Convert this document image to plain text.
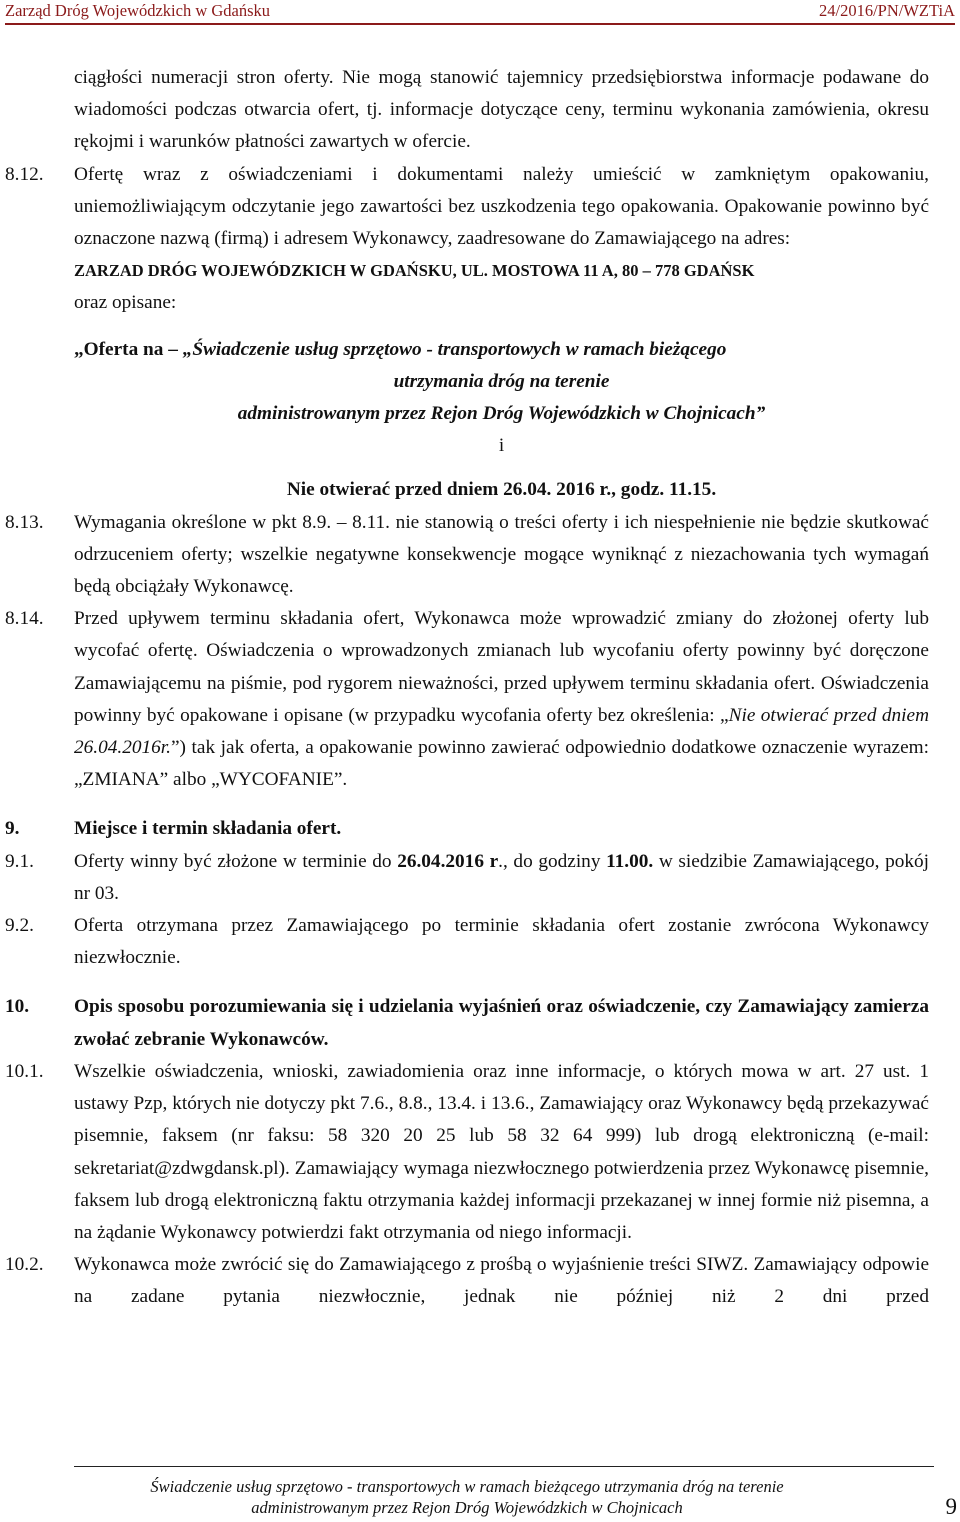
Zarząd Dróg Wojewódzkich w Gdańsku	24/2016/PN/WZTiA
ciągłości numeracji stron oferty. Nie mogą stanowić tajemnicy przedsiębiorstwa informacje podawane do wiadomości podczas otwarcia ofert, tj. informacje dotyczące ceny, terminu wykonania zamówienia, okresu rękojmi i warunków płatności zawartych w ofercie.
8.12. Ofertę wraz z oświadczeniami i dokumentami należy umieścić w zamkniętym opakowaniu, uniemożliwiającym odczytanie jego zawartości bez uszkodzenia tego opakowania. Opakowanie powinno być oznaczone nazwą (firmą) i adresem Wykonawcy, zaadresowane do Zamawiającego na adres:
ZARZAD DRÓG WOJEWÓDZKICH W GDAŃSKU, UL. MOSTOWA 11 A, 80 – 778 GDAŃSK
oraz opisane:
„Oferta na – „Świadczenie usług sprzętowo - transportowych w ramach bieżącego
utrzymania dróg na terenie
administrowanym przez Rejon Dróg Wojewódzkich w Chojnicach”
i
Nie otwierać przed dniem 26.04. 2016 r., godz. 11.15.
8.13. Wymagania określone w pkt 8.9. – 8.11. nie stanowią o treści oferty i ich niespełnienie nie będzie skutkować odrzuceniem oferty; wszelkie negatywne konsekwencje mogące wyniknąć z niezachowania tych wymagań będą obciążały Wykonawcę.
8.14. Przed upływem terminu składania ofert, Wykonawca może wprowadzić zmiany do złożonej oferty lub wycofać ofertę. Oświadczenia o wprowadzonych zmianach lub wycofaniu oferty powinny być doręczone Zamawiającemu na piśmie, pod rygorem nieważności, przed upływem terminu składania ofert. Oświadczenia powinny być opakowane i opisane (w przypadku wycofania oferty bez określenia: „Nie otwierać przed dniem 26.04.2016r.”) tak jak oferta, a opakowanie powinno zawierać odpowiednio dodatkowe oznaczenie wyrazem: „ZMIANA” albo „WYCOFANIE”.
9.	Miejsce i termin składania ofert.
9.1. Oferty winny być złożone w terminie do 26.04.2016 r., do godziny 11.00. w siedzibie Zamawiającego, pokój nr 03.
9.2. Oferta otrzymana przez Zamawiającego po terminie składania ofert zostanie zwrócona Wykonawcy niezwłocznie.
10. Opis sposobu porozumiewania się i udzielania wyjaśnień oraz oświadczenie, czy Zamawiający zamierza zwołać zebranie Wykonawców.
10.1. Wszelkie oświadczenia, wnioski, zawiadomienia oraz inne informacje, o których mowa w art. 27 ust. 1 ustawy Pzp, których nie dotyczy pkt 7.6., 8.8., 13.4. i 13.6., Zamawiający oraz Wykonawcy będą przekazywać pisemnie, faksem (nr faksu: 58 320 20 25 lub 58 32 64 999) lub drogą elektroniczną (e-mail: sekretariat@zdwgdansk.pl). Zamawiający wymaga niezwłocznego potwierdzenia przez Wykonawcę pisemnie, faksem lub drogą elektroniczną faktu otrzymania każdej informacji przekazanej w innej formie niż pisemna, a na żądanie Wykonawcy potwierdzi fakt otrzymania od niego informacji.
10.2. Wykonawca może zwrócić się do Zamawiającego z prośbą o wyjaśnienie treści SIWZ. Zamawiający odpowie na zadane pytania niezwłocznie, jednak nie później niż 2 dni przed
Świadczenie usług sprzętowo - transportowych w ramach bieżącego utrzymania dróg na terenie
administrowanym przez Rejon Dróg Wojewódzkich w Chojnicach	9
